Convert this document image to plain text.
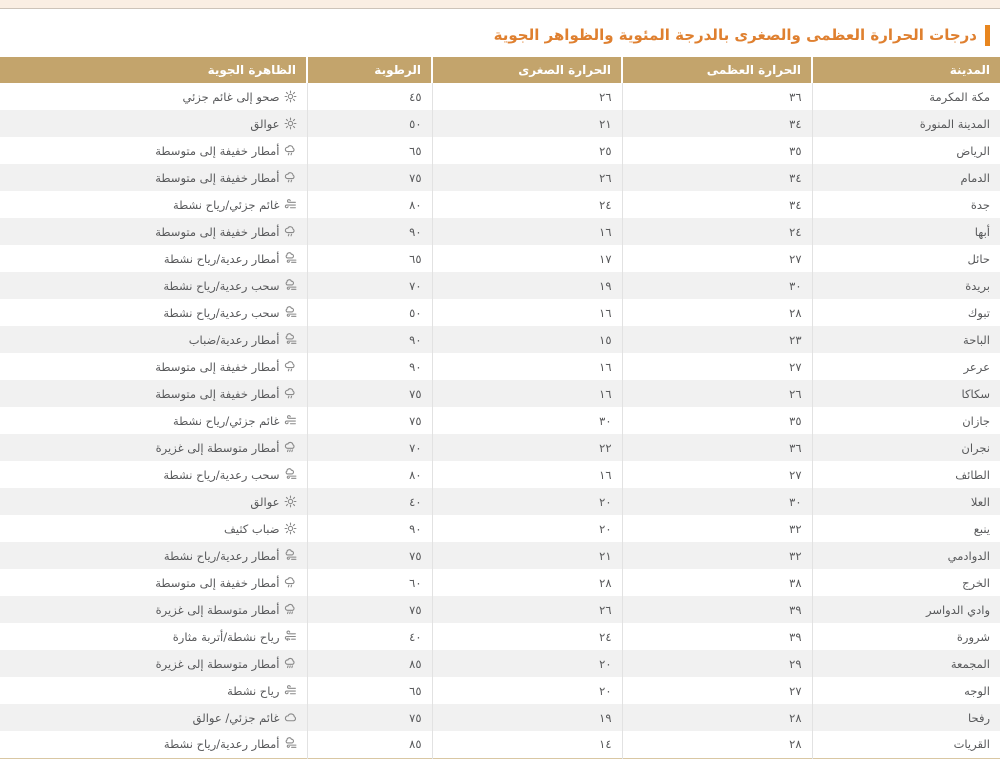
درجات الحرارة العظمى والصغرى بالدرجة المئوية والظواهر الجوية
المدينة	الحرارة العظمى	الحرارة الصغرى	الرطوبة	الظاهرة الجوية
مكة المكرمة	٣٦	٢٦	٤٥	صحو إلى غائم جزئي
المدينة المنورة	٣٤	٢١	٥٠	عوالق
الرياض	٣٥	٢٥	٦٥	أمطار خفيفة إلى متوسطة
الدمام	٣٤	٢٦	٧٥	أمطار خفيفة إلى متوسطة
جدة	٣٤	٢٤	٨٠	غائم جزئي/رياح نشطة
أبها	٢٤	١٦	٩٠	أمطار خفيفة إلى متوسطة
حائل	٢٧	١٧	٦٥	أمطار رعدية/رياح نشطة
بريدة	٣٠	١٩	٧٠	سحب رعدية/رياح نشطة
تبوك	٢٨	١٦	٥٠	سحب رعدية/رياح نشطة
الباحة	٢٣	١٥	٩٠	أمطار رعدية/ضباب
عرعر	٢٧	١٦	٩٠	أمطار خفيفة إلى متوسطة
سكاكا	٢٦	١٦	٧٥	أمطار خفيفة إلى متوسطة
جازان	٣٥	٣٠	٧٥	غائم جزئي/رياح نشطة
نجران	٣٦	٢٢	٧٠	أمطار متوسطة إلى غزيرة
الطائف	٢٧	١٦	٨٠	سحب رعدية/رياح نشطة
العلا	٣٠	٢٠	٤٠	عوالق
ينبع	٣٢	٢٠	٩٠	ضباب كثيف
الدوادمي	٣٢	٢١	٧٥	أمطار رعدية/رياح نشطة
الخرج	٣٨	٢٨	٦٠	أمطار خفيفة إلى متوسطة
وادي الدواسر	٣٩	٢٦	٧٥	أمطار متوسطة إلى غزيرة
شرورة	٣٩	٢٤	٤٠	رياح نشطة/أتربة مثارة
المجمعة	٢٩	٢٠	٨٥	أمطار متوسطة إلى غزيرة
الوجه	٢٧	٢٠	٦٥	رياح نشطة
رفحا	٢٨	١٩	٧٥	غائم جزئي/ عوالق
القريات	٢٨	١٤	٨٥	أمطار رعدية/رياح نشطة
